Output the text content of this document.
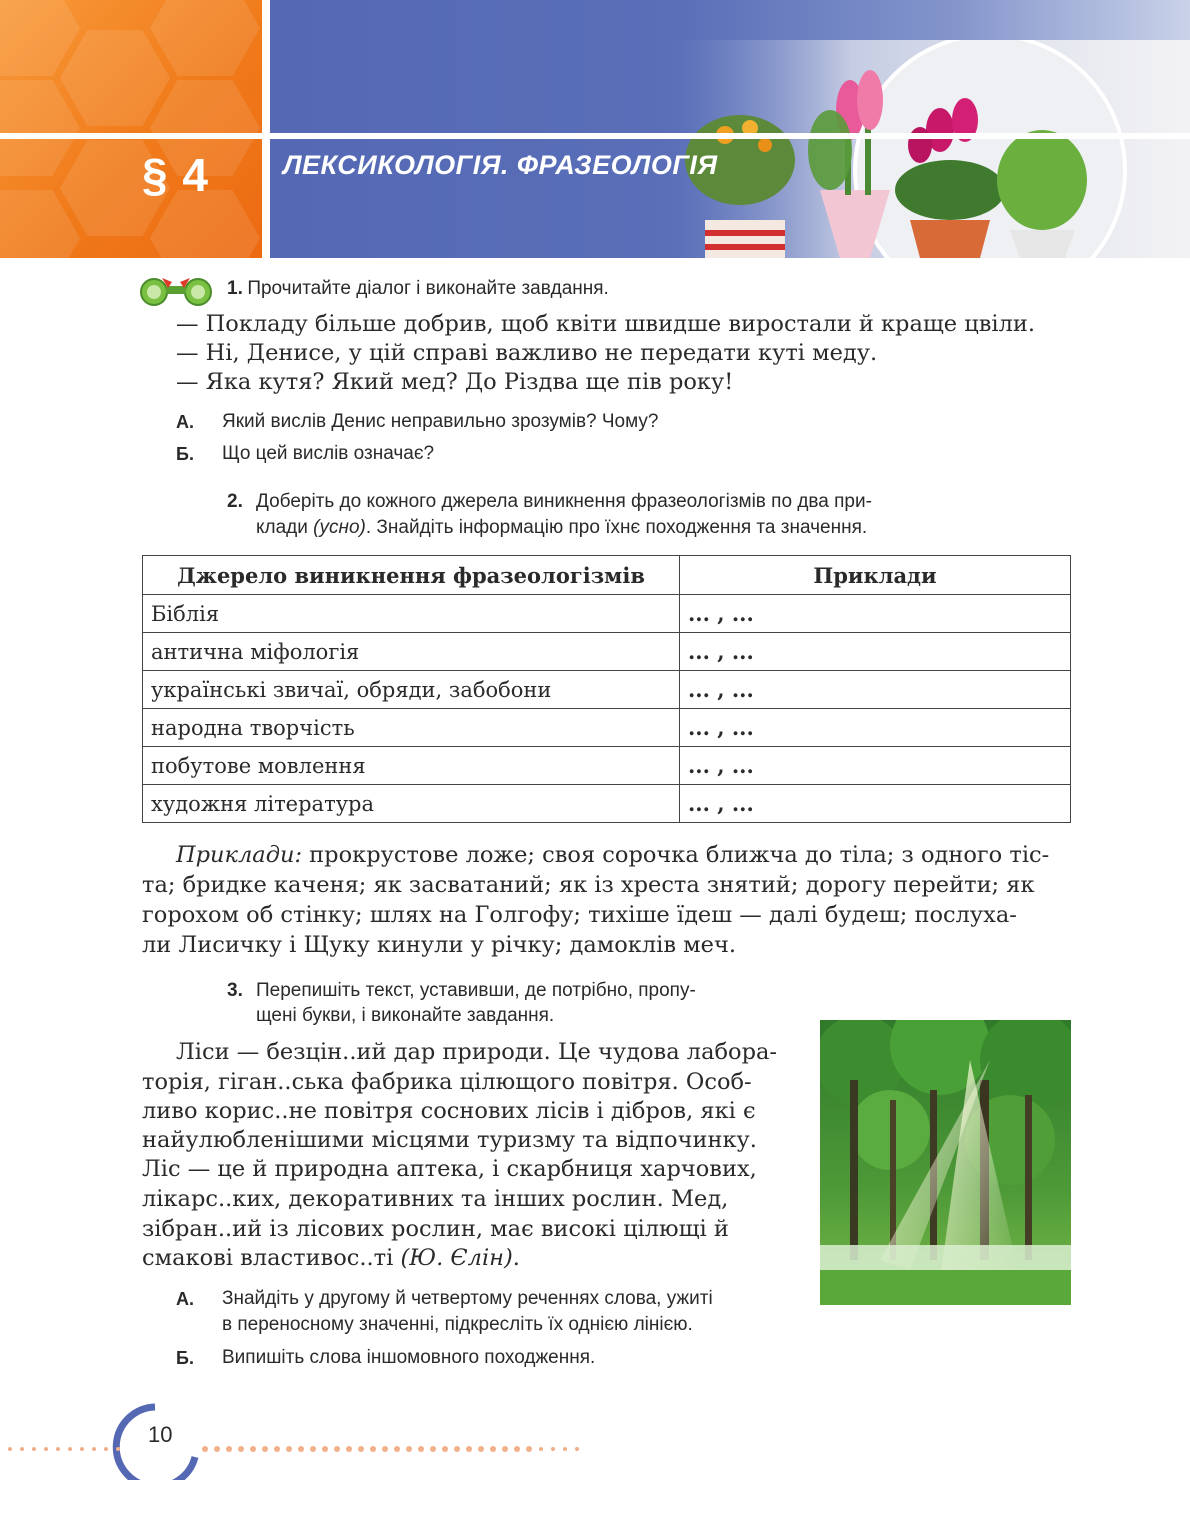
§ 4	ЛЕКСИКОЛОГІЯ. ФРАЗЕОЛОГІЯ
1. Прочитайте діалог і виконайте завдання.
— Покладу більше добрив, щоб квіти швидше виростали й краще цвіли.
— Ні, Денисе, у цій справі важливо не передати куті меду.
— Яка кутя? Який мед? До Різдва ще пів року!
А. Який вислів Денис неправильно зрозумів? Чому?
Б. Що цей вислів означає?
2. Доберіть до кожного джерела виникнення фразеологізмів по два при-
клади (усно). Знайдіть інформацію про їхнє походження та значення.
Джерело виникнення фразеологізмів	Приклади
Біблія	... , ...
антична міфологія	... , ...
українські звичаї, обряди, забобони	... , ...
народна творчість	... , ...
побутове мовлення	... , ...
художня література	... , ...
Приклади: прокрустове ложе; своя сорочка ближча до тіла; з одного тіс-
та; бридке каченя; як засватаний; як із хреста знятий; дорогу перейти; як
горохом об стінку; шлях на Голгофу; тихіше їдеш — далі будеш; послуха-
ли Лисичку і Щуку кинули у річку; дамоклів меч.
3. Перепишіть текст, уставивши, де потрібно, пропу-
щені букви, і виконайте завдання.
Ліси — безцін..ий дар природи. Це чудова лабора-
торія, гіган..ська фабрика цілющого повітря. Особ-
ливо корис..не повітря соснових лісів і дібров, які є
найулюбленішими місцями туризму та відпочинку.
Ліс — це й природна аптека, і скарбниця харчових,
лікарс..ких, декоративних та інших рослин. Мед,
зібран..ий із лісових рослин, має високі цілющі й
смакові властивос..ті (Ю. Єлін).
А. Знайдіть у другому й четвертому реченнях слова, ужиті
в переносному значенні, підкресліть їх однією лінією.
Б. Випишіть слова іншомовного походження.
10
